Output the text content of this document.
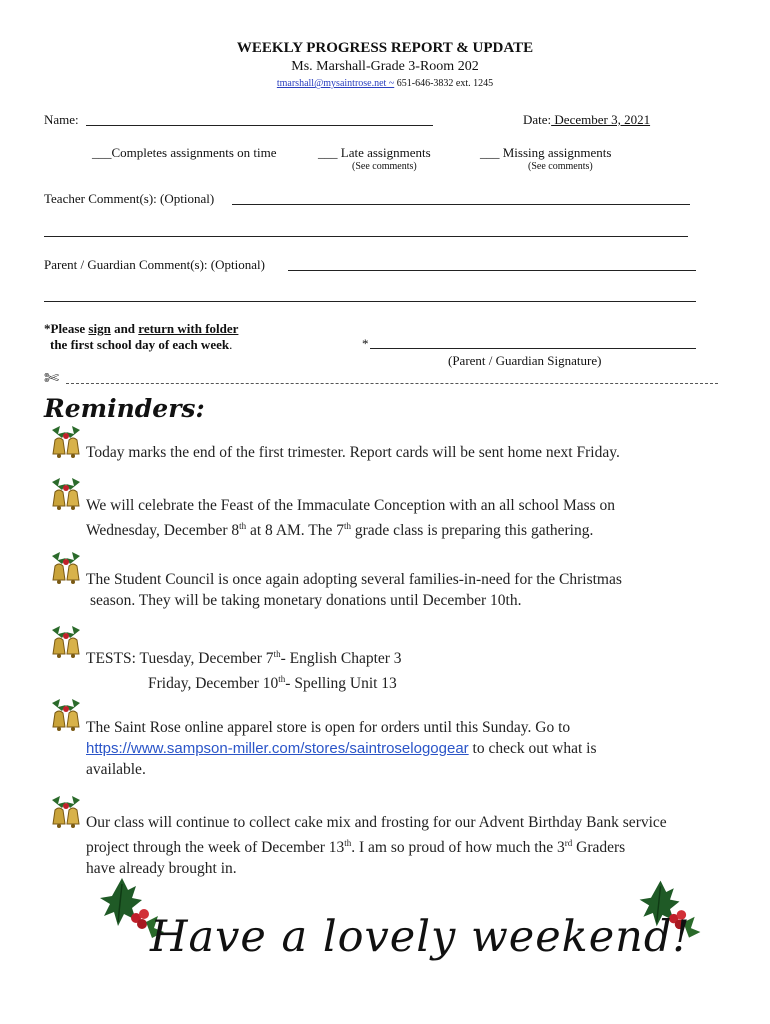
WEEKLY PROGRESS REPORT & UPDATE
Ms. Marshall-Grade 3-Room 202
tmarshall@mysaintrose.net ~ 651-646-3832 ext. 1245
Name:	Date: December 3, 2021
___Completes assignments on time	___ Late assignments
(See comments)
___ Missing assignments
(See comments)
Teacher Comment(s): (Optional)
Parent / Guardian Comment(s): (Optional)
*Please sign and return with folder
the first school day of each week.	*
(Parent / Guardian Signature)
✄
Reminders:
Today marks the end of the first trimester. Report cards will be sent home next Friday.
We will celebrate the Feast of the Immaculate Conception with an all school Mass on
Wednesday, December 8th at 8 AM. The 7th grade class is preparing this gathering.
The Student Council is once again adopting several families-in-need for the Christmas
season. They will be taking monetary donations until December 10th.
TESTS: Tuesday, December 7th- English Chapter 3
Friday, December 10th- Spelling Unit 13
The Saint Rose online apparel store is open for orders until this Sunday. Go to
https://www.sampson-miller.com/stores/saintroselogogear to check out what is
available.
Our class will continue to collect cake mix and frosting for our Advent Birthday Bank service
project through the week of December 13th. I am so proud of how much the 3rd Graders
have already brought in.
Have a lovely weekend!
